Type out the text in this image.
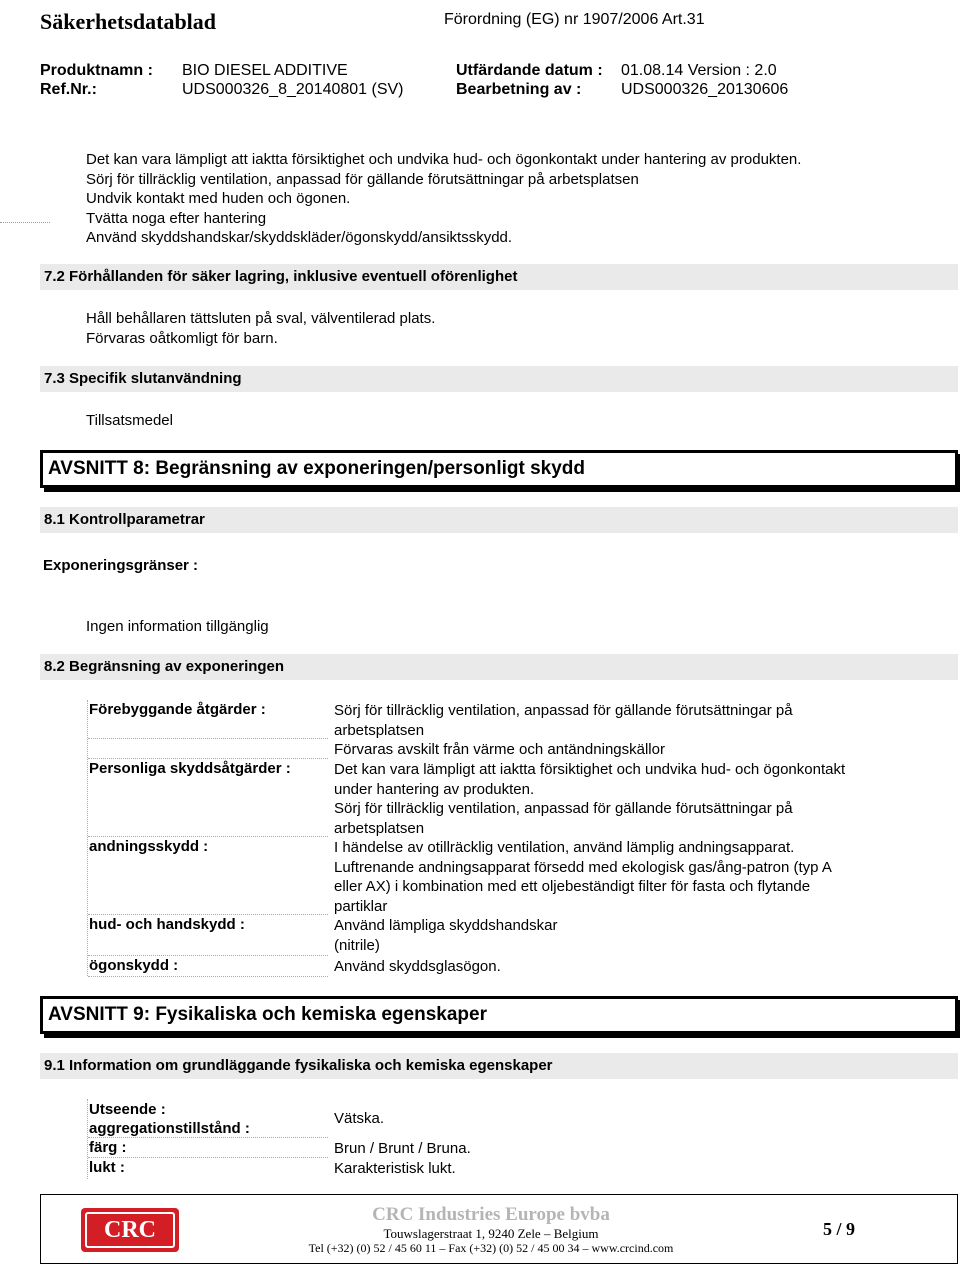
Säkerhetsdatablad	Förordning (EG) nr 1907/2006 Art.31
Produktnamn : BIO DIESEL ADDITIVE	Utfärdande datum : 01.08.14 Version : 2.0
Ref.Nr.:	UDS000326_8_20140801 (SV)	Bearbetning av : UDS000326_20130606
Det kan vara lämpligt att iaktta försiktighet och undvika hud- och ögonkontakt under hantering av produkten.
Sörj för tillräcklig ventilation, anpassad för gällande förutsättningar på arbetsplatsen
Undvik kontakt med huden och ögonen.
Tvätta noga efter hantering
Använd skyddshandskar/skyddskläder/ögonskydd/ansiktsskydd.
7.2 Förhållanden för säker lagring, inklusive eventuell oförenlighet
Håll behållaren tättsluten på sval, välventilerad plats.
Förvaras oåtkomligt för barn.
7.3 Specifik slutanvändning
Tillsatsmedel
AVSNITT 8: Begränsning av exponeringen/personligt skydd
8.1 Kontrollparametrar
Exponeringsgränser :
Ingen information tillgänglig
8.2 Begränsning av exponeringen
Förebyggande åtgärder :	Sörj för tillräcklig ventilation, anpassad för gällande förutsättningar på
arbetsplatsen
Förvaras avskilt från värme och antändningskällor
Personliga skyddsåtgärder :	Det kan vara lämpligt att iaktta försiktighet och undvika hud- och ögonkontakt
under hantering av produkten.
Sörj för tillräcklig ventilation, anpassad för gällande förutsättningar på
arbetsplatsen
andningsskydd :	I händelse av otillräcklig ventilation, använd lämplig andningsapparat.
Luftrenande andningsapparat försedd med ekologisk gas/ång-patron (typ A
eller AX) i kombination med ett oljebeständigt filter för fasta och flytande
partiklar
hud- och handskydd :	Använd lämpliga skyddshandskar
(nitrile)
ögonskydd :	Använd skyddsglasögon.
AVSNITT 9: Fysikaliska och kemiska egenskaper
9.1 Information om grundläggande fysikaliska och kemiska egenskaper
Utseende :
aggregationstillstånd :
Vätska.
färg :	Brun / Brunt / Bruna.
lukt :	Karakteristisk lukt.
CRC
CRC Industries Europe bvba
Touwslagerstraat 1, 9240 Zele – Belgium
Tel (+32) (0) 52 / 45 60 11 – Fax (+32) (0) 52 / 45 00 34 – www.crcind.com
5 / 9
